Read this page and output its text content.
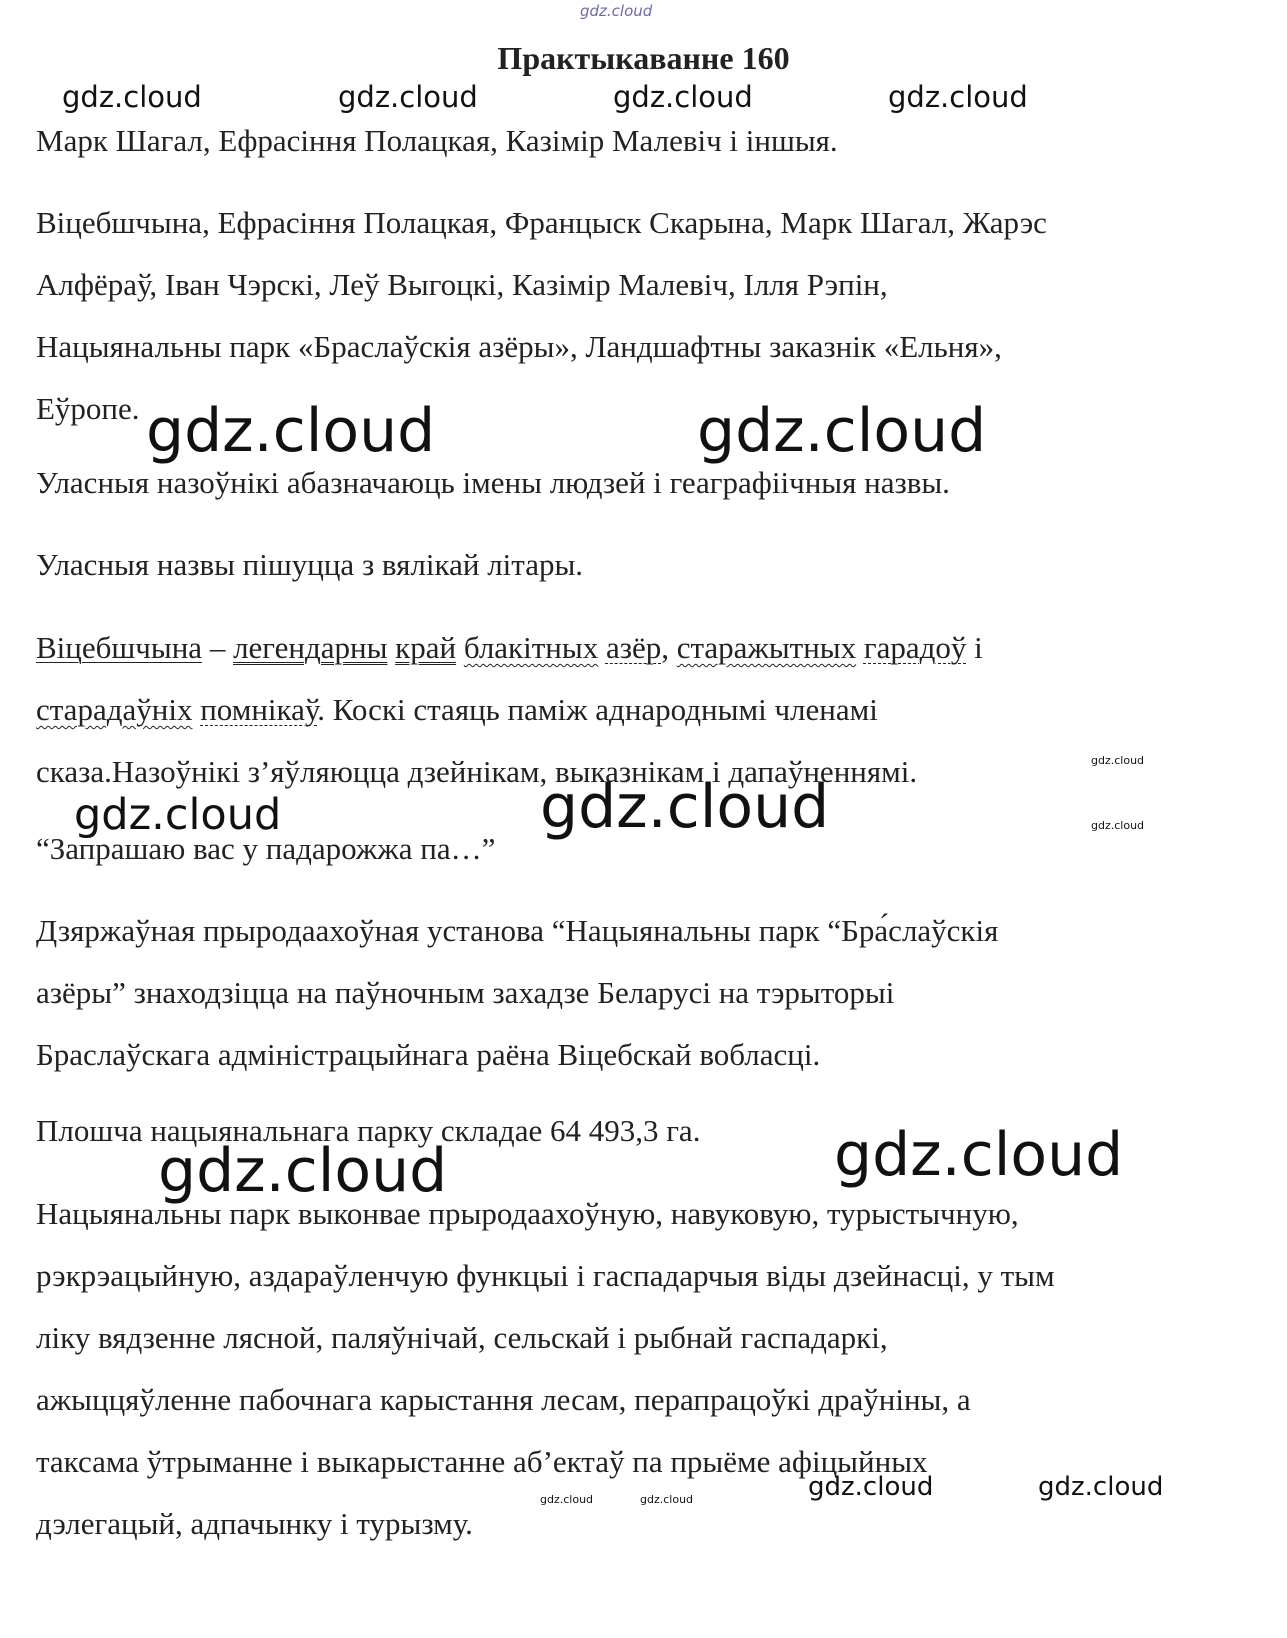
gdz.cloud
gdz.cloud	gdz.cloud	gdz.cloud	gdz.cloud
Практыкаванне 160

Марк Шагал, Ефрасіння Полацкая, Казімір Малевіч і іншыя.

Віцебшчына, Ефрасіння Полацкая, Францыск Скарына, Марк Шагал, Жарэс
Алфёраў, Іван Чэрскі, Леў Выгоцкі, Казімір Малевіч, Ілля Рэпін,
Нацыянальны парк «Браслаўскія азёры», Ландшафтны заказнік «Ельня»,
Еўропе. gdz.cloud	gdz.cloud

Уласныя назоўнікі абазначаюць імены людзей і геаграфіічныя назвы.

Уласныя назвы пішуцца з вялікай літары.

Віцебшчына – легендарны край блакітных азёр, старажытных гарадоў і
старадаўніх помнікаў. Коскі стаяць паміж аднароднымі членамі
сказа.Назоўнікі з’яўляюцца дзейнікам, выказнікам і дапаўненнямі.	gdz.cloud
gdz.cloud
gdz.cloud
gdz.cloud

“Запрашаю вас у падарожжа па…”

Дзяржаўная прыродаахоўная установа “Нацыянальны парк “Бра́слаўскія
азёры” знаходзіцца на паўночным захадзе Беларусі на тэрыторыі
Браслаўскага адміністрацыйнага раёна Віцебскай вобласці.

Плошча нацыянальнага парку складае 64 493,3 га.

gdz.cloud	gdz.cloud

Нацыянальны парк выконвае прыродаахоўную, навуковую, турыстычную,
рэкрэацыйную, аздараўленчую функцыі і гаспадарчыя віды дзейнасці, у тым
ліку вядзенне лясной, паляўнічай, сельскай і рыбнай гаспадаркі,
ажыццяўленне пабочнага карыстання лесам, перапрацоўкі драўніны, а
таксама ўтрыманне і выкарыстанне аб’ектаў па прыёме афіцыйных
дэлегацый, адпачынку і турызму.

gdz.cloud	gdz.cloud	gdz.cloud	gdz.cloud
